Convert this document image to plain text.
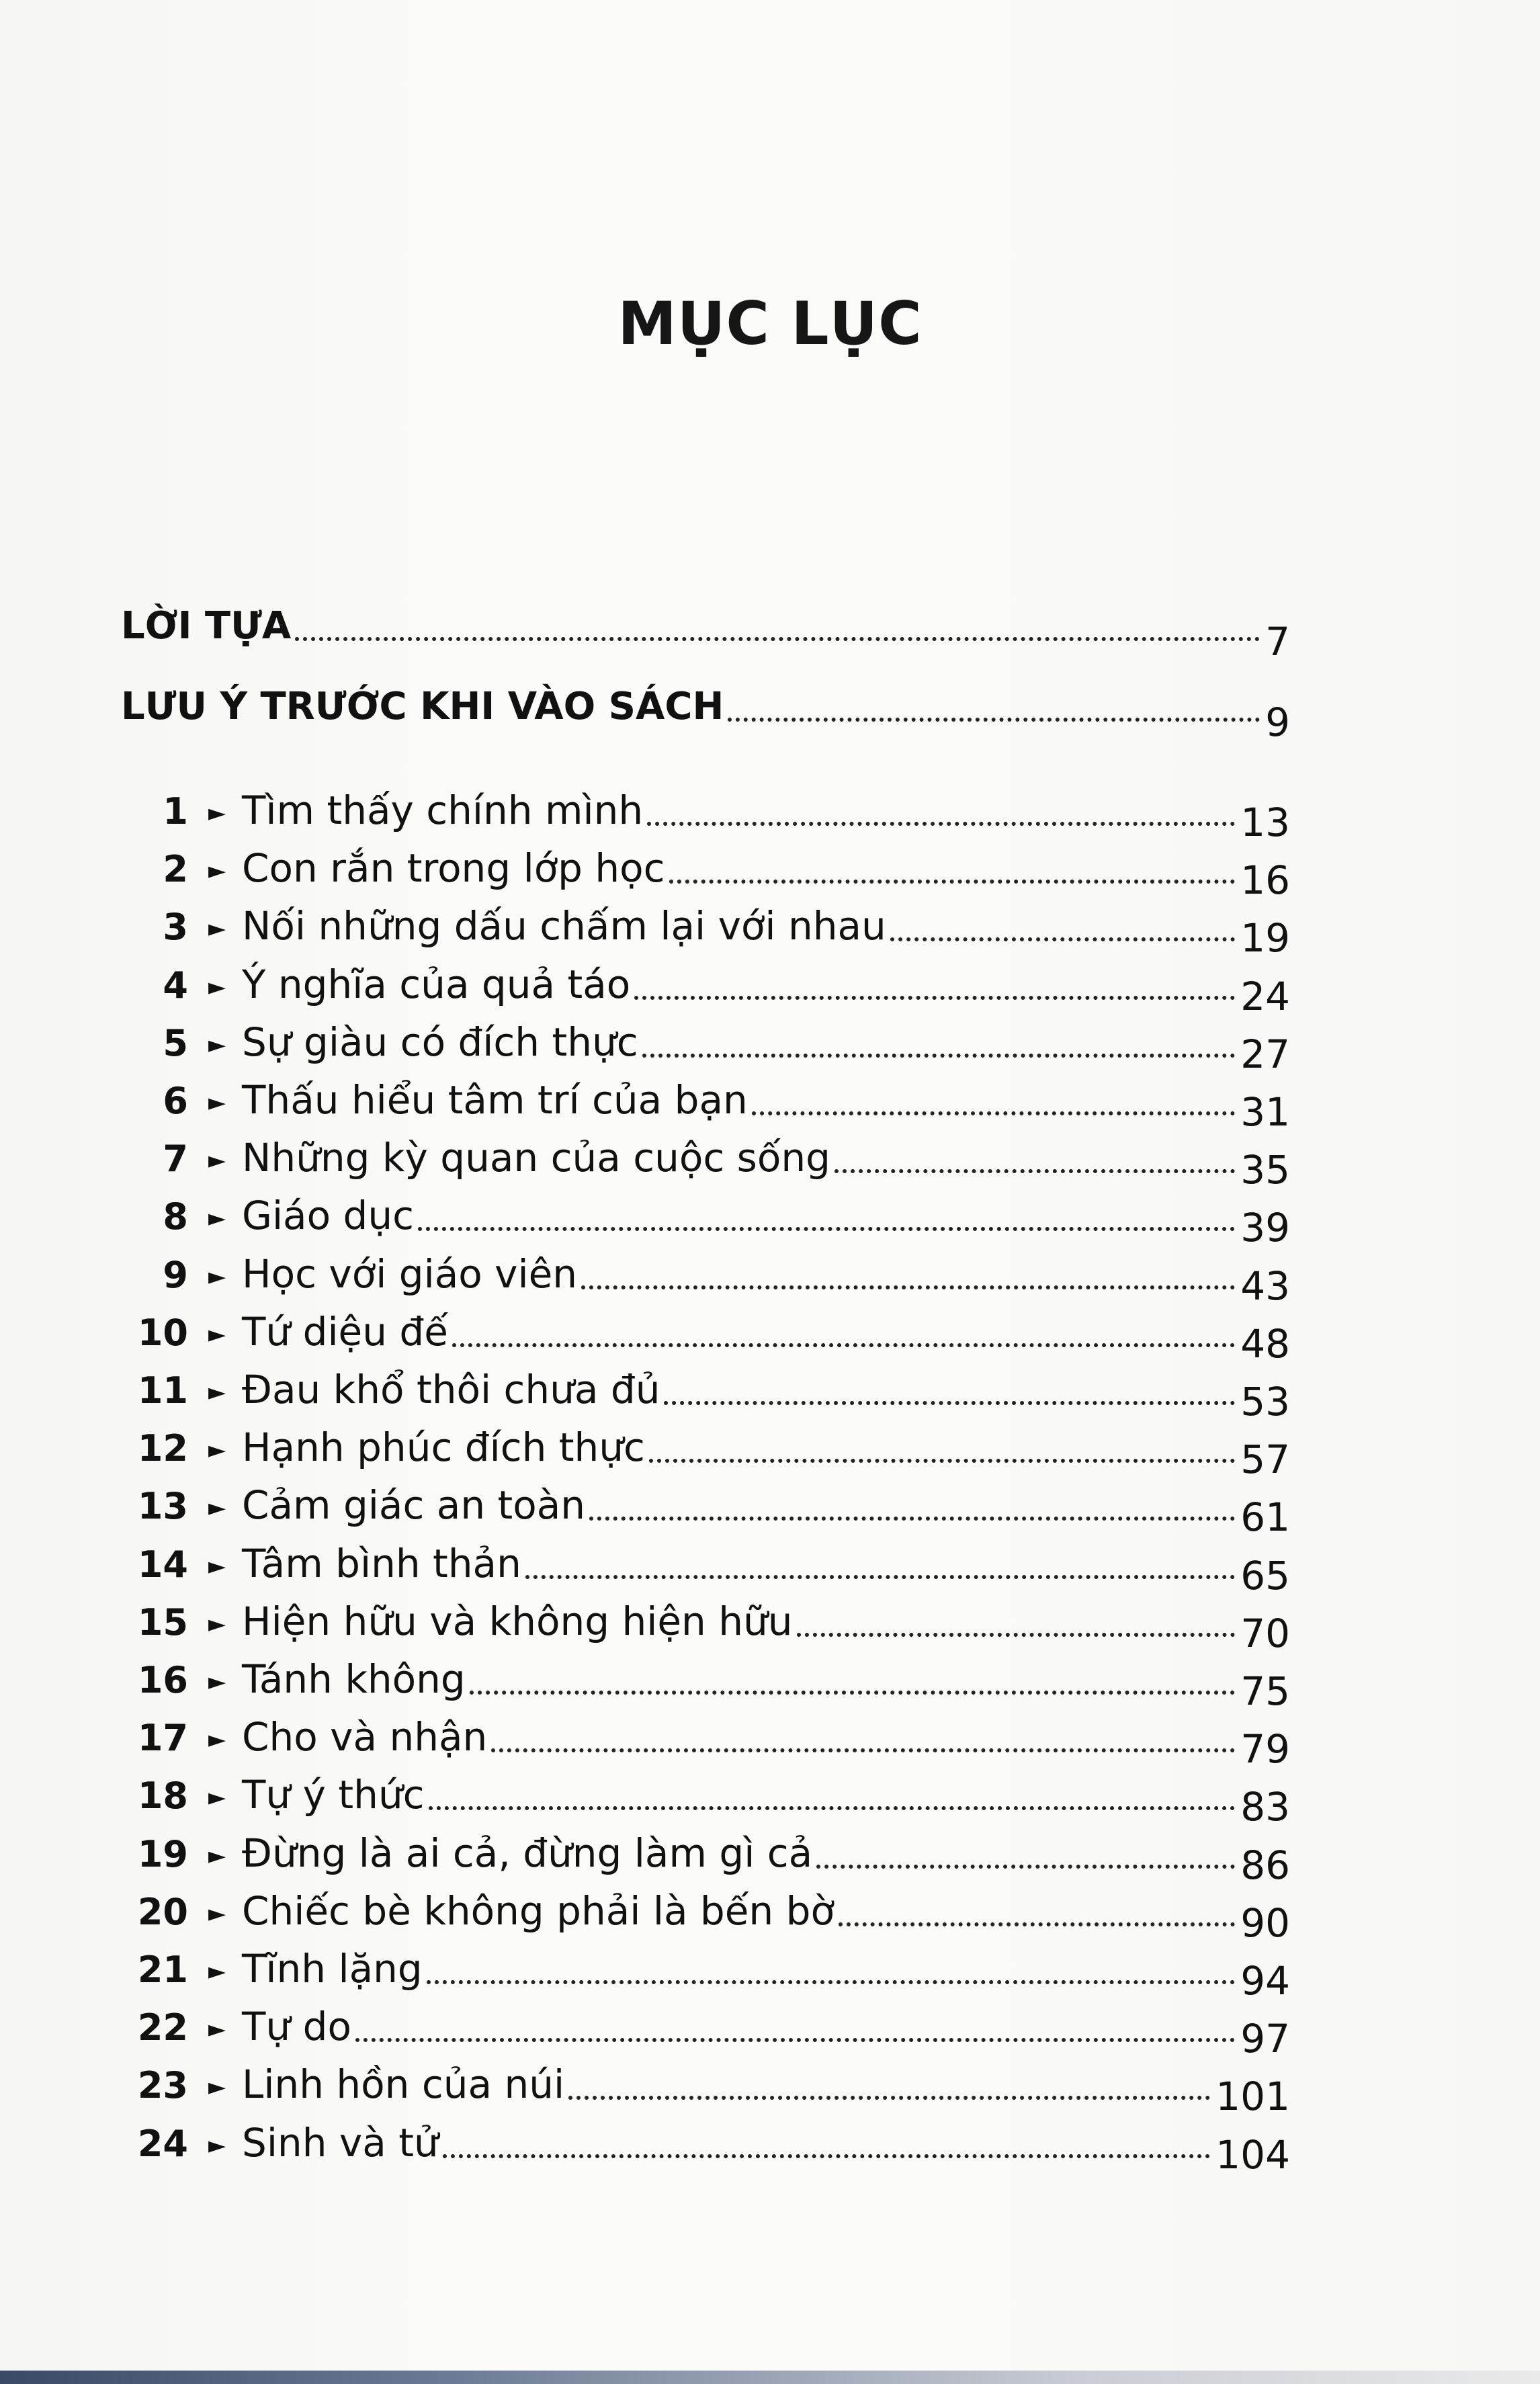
MỤC LỤC
LỜI TỰA	7
LƯU Ý TRƯỚC KHI VÀO SÁCH	9
1 ► Tìm thấy chính mình	13
2 ► Con rắn trong lớp học	16
3 ► Nối những dấu chấm lại với nhau	19
4 ► Ý nghĩa của quả táo	24
5 ► Sự giàu có đích thực	27
6 ► Thấu hiểu tâm trí của bạn	31
7 ► Những kỳ quan của cuộc sống	35
8 ► Giáo dục	39
9 ► Học với giáo viên	43
10 ► Tứ diệu đế	48
11 ► Đau khổ thôi chưa đủ	53
12 ► Hạnh phúc đích thực	57
13 ► Cảm giác an toàn	61
14 ► Tâm bình thản	65
15 ► Hiện hữu và không hiện hữu	70
16 ► Tánh không	75
17 ► Cho và nhận	79
18 ► Tự ý thức	83
19 ► Đừng là ai cả, đừng làm gì cả	86
20 ► Chiếc bè không phải là bến bờ	90
21 ► Tĩnh lặng	94
22 ► Tự do	97
23 ► Linh hồn của núi	101
24 ► Sinh và tử	104
